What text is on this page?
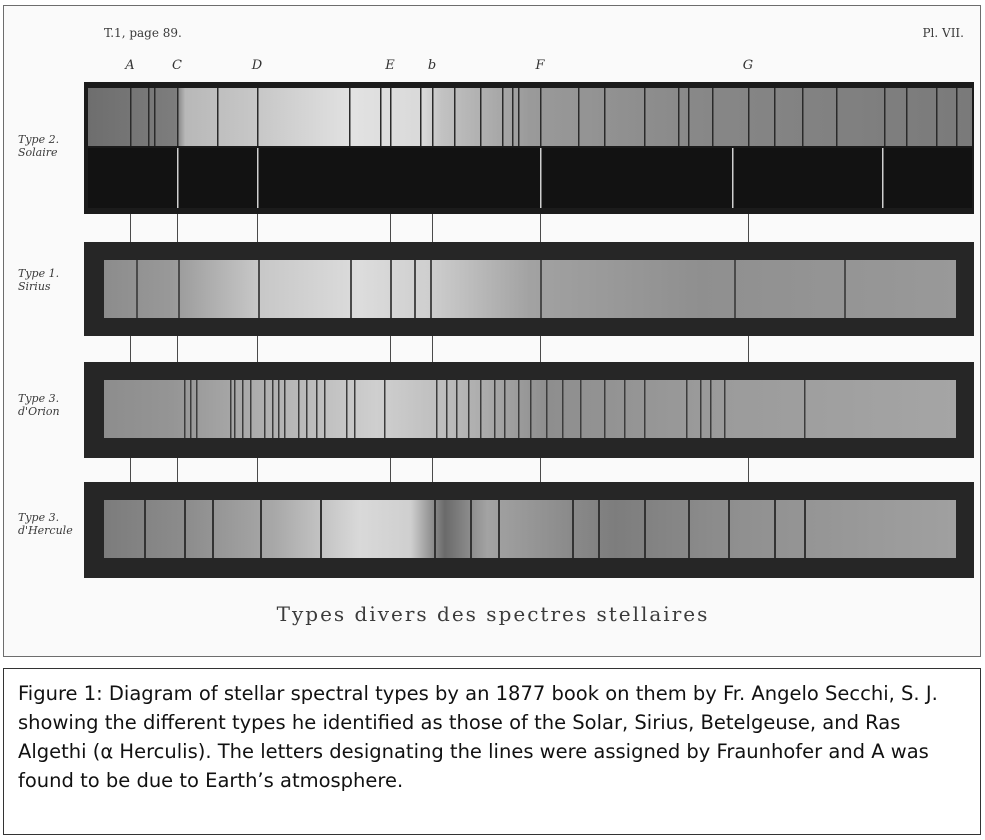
T.1, page 89.	Pl. VII.
A	C	D	E	b	F	G
Type 2.
Solaire
Type 1.
Sirius
Type 3.
d'Orion
Type 3.
d'Hercule
Types divers des spectres stellaires
Figure 1: Diagram of stellar spectral types by an 1877 book on them by Fr. Angelo Secchi, S. J. showing the different types he identified as those of the Solar, Sirius, Betelgeuse, and Ras Algethi (α Herculis). The letters designating the lines were assigned by Fraunhofer and A was found to be due to Earth’s atmosphere.
